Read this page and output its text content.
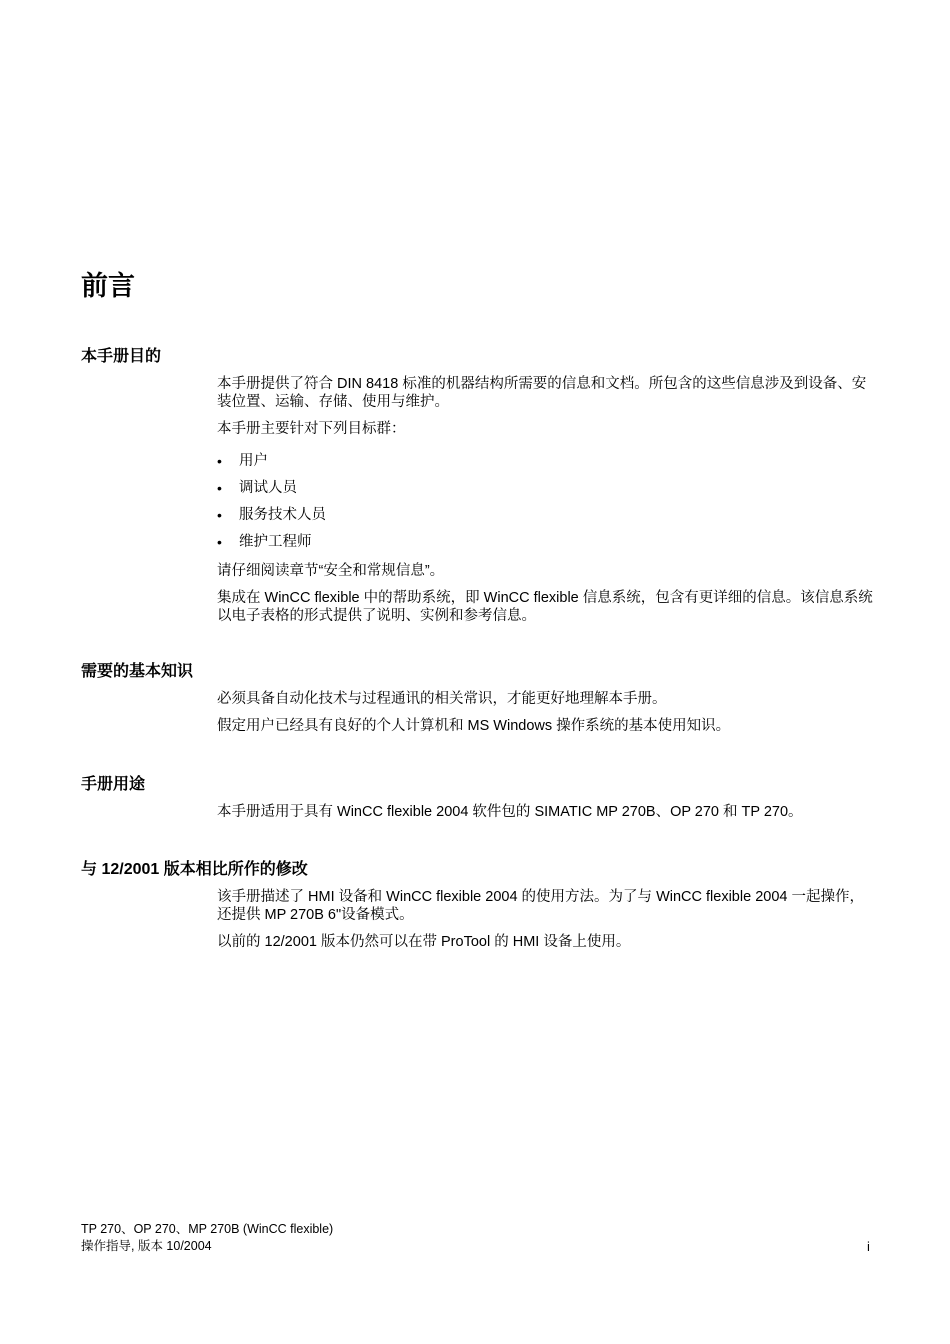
前言
本手册目的

本手册提供了符合 DIN 8418 标准的机器结构所需要的信息和文档。所包含的这些信息涉及到设备、安装位置、运输、存储、使用与维护。

本手册主要针对下列目标群：

•	用户
•	调试人员
•	服务技术人员
•	维护工程师

请仔细阅读章节“安全和常规信息”。

集成在 WinCC flexible 中的帮助系统，即 WinCC flexible 信息系统，包含有更详细的信息。该信息系统以电子表格的形式提供了说明、实例和参考信息。

需要的基本知识

必须具备自动化技术与过程通讯的相关常识，才能更好地理解本手册。

假定用户已经具有良好的个人计算机和 MS Windows 操作系统的基本使用知识。

手册用途

本手册适用于具有 WinCC flexible 2004 软件包的 SIMATIC MP 270B、OP 270 和 TP 270。

与 12/2001 版本相比所作的修改

该手册描述了 HMI 设备和 WinCC flexible 2004 的使用方法。为了与 WinCC flexible 2004 一起操作，还提供 MP 270B 6"设备模式。

以前的 12/2001 版本仍然可以在带 ProTool 的 HMI 设备上使用。

TP 270、OP 270、MP 270B (WinCC flexible)
操作指导, 版本 10/2004	i
